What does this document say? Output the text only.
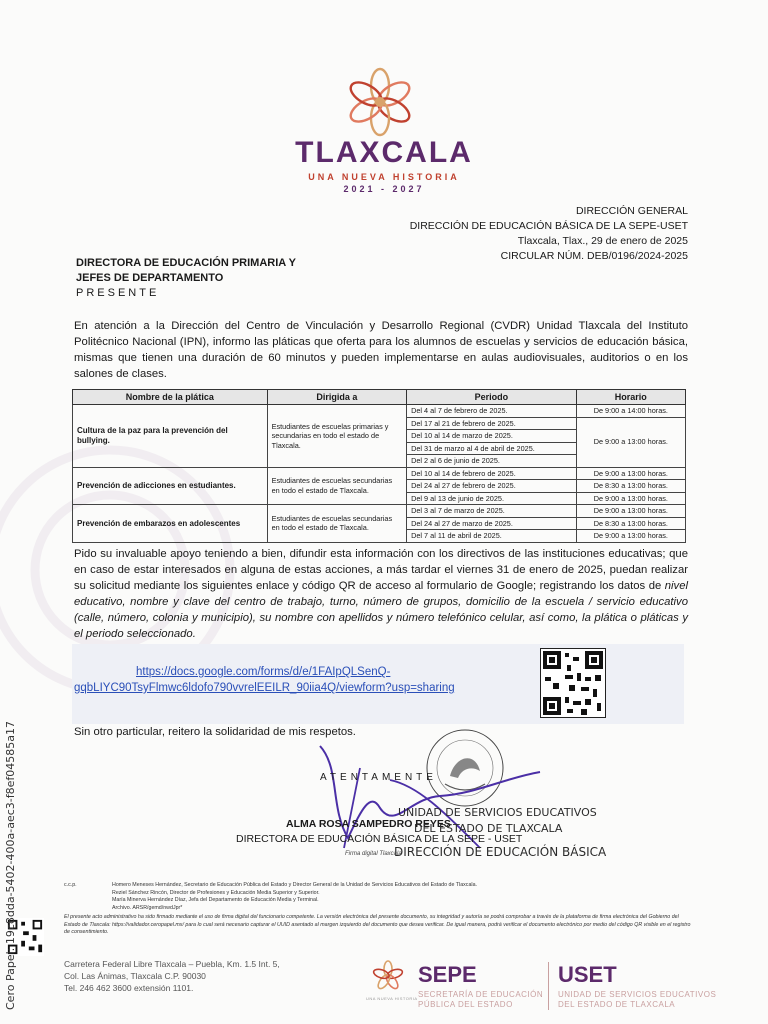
TLAXCALA
UNA NUEVA HISTORIA
2021 - 2027
DIRECCIÓN GENERAL
DIRECCIÓN DE EDUCACIÓN BÁSICA DE LA SEPE-USET
Tlaxcala, Tlax., 29 de enero de 2025
CIRCULAR NÚM. DEB/0196/2024-2025
DIRECTORA DE EDUCACIÓN PRIMARIA Y
JEFES DE DEPARTAMENTO
PRESENTE
En atención a la Dirección del Centro de Vinculación y Desarrollo Regional (CVDR) Unidad Tlaxcala del Instituto Politécnico Nacional (IPN), informo las pláticas que oferta para los alumnos de escuelas y servicios de educación básica, mismas que tienen una duración de 60 minutos y pueden implementarse en aulas audiovisuales, auditorios o en los salones de clases.
Nombre de la plática	Dirigida a	Periodo	Horario
Cultura de la paz para la prevención del bullying.	Estudiantes de escuelas primarias y secundarias en todo el estado de Tlaxcala.	Del 4 al 7 de febrero de 2025.	De 9:00 a 14:00 horas.
		Del 17 al 21 de febrero de 2025.	De 9:00 a 13:00 horas.
		Del 10 al 14 de marzo de 2025.	
		Del 31 de marzo al 4 de abril de 2025.	
		Del 2 al 6 de junio de 2025.	
Prevención de adicciones en estudiantes.	Estudiantes de escuelas secundarias en todo el estado de Tlaxcala.	Del 10 al 14 de febrero de 2025.	De 9:00 a 13:00 horas.
		Del 24 al 27 de febrero de 2025.	De 8:30 a 13:00 horas.
		Del 9 al 13 de junio de 2025.	De 9:00 a 13:00 horas.
Prevención de embarazos en adolescentes	Estudiantes de escuelas secundarias en todo el estado de Tlaxcala.	Del 3 al 7 de marzo de 2025.	De 9:00 a 13:00 horas.
		Del 24 al 27 de marzo de 2025.	De 8:30 a 13:00 horas.
		Del 7 al 11 de abril de 2025.	De 9:00 a 13:00 horas.
Pido su invaluable apoyo teniendo a bien, difundir esta información con los directivos de las instituciones educativas; que en caso de estar interesados en alguna de estas acciones, a más tardar el viernes 31 de enero de 2025, puedan realizar su solicitud mediante los siguientes enlace y código QR de acceso al formulario de Google; registrando los datos de nivel educativo, nombre y clave del centro de trabajo, turno, número de grupos, domicilio de la escuela / servicio educativo (calle, número, colonia y municipio), su nombre con apellidos y número telefónico celular, así como, la plática o pláticas y el periodo seleccionado.
https://docs.google.com/forms/d/e/1FAIpQLSenQ-
gqbLIYC90TsyFlmwc6ldofo790vvrelEEILR_90iia4Q/viewform?usp=sharing
Sin otro particular, reitero la solidaridad de mis respetos.
ATENTAMENTE
UNIDAD DE SERVICIOS EDUCATIVOS
ALMA ROSA SAMPEDRO REYES
DEL ESTADO DE TLAXCALA
DIRECTORA DE EDUCACIÓN BÁSICA DE LA SEPE - USET
DIRECCIÓN DE EDUCACIÓN BÁSICA
Firma digital Tlaxcala
c.c.p.	Homero Meneses Hernández, Secretario de Educación Pública del Estado y Director General de la Unidad de Servicios Educativos del Estado de Tlaxcala.
Reziel Sánchez Rincón, Director de Profesiones y Educación Media Superior y Superior.
María Minerva Hernández Díaz, Jefa del Departamento de Educación Media y Terminal.
Archivo. ARSR/gemd/nwdJpr*
El presente acto administrativo ha sido firmado mediante el uso de firma digital del funcionario competente. La versión electrónica del presente documento, su integridad y autoría se podrá comprobar a través de la plataforma de firma electrónica del Gobierno del Estado de Tlaxcala: https://validador.ceropapel.mx/ para lo cual será necesario capturar el UUID asentado al margen izquierdo del documento que desea verificar. De igual manera, podrá verificar el documento electrónico por medio del código QR visible en el registro de consentimiento.
Cero Papel: 19c8dda-5402-400a-aec3-f8ef04585a17	Carretera Federal Libre Tlaxcala – Puebla, Km. 1.5 Int. 5,
Col. Las Ánimas, Tlaxcala C.P. 90030
Tel. 246 462 3600 extensión 1101.
UNA NUEVA HISTORIA
SEPE
SECRETARÍA DE EDUCACIÓN
PÚBLICA DEL ESTADO
USET
UNIDAD DE SERVICIOS EDUCATIVOS
DEL ESTADO DE TLAXCALA
